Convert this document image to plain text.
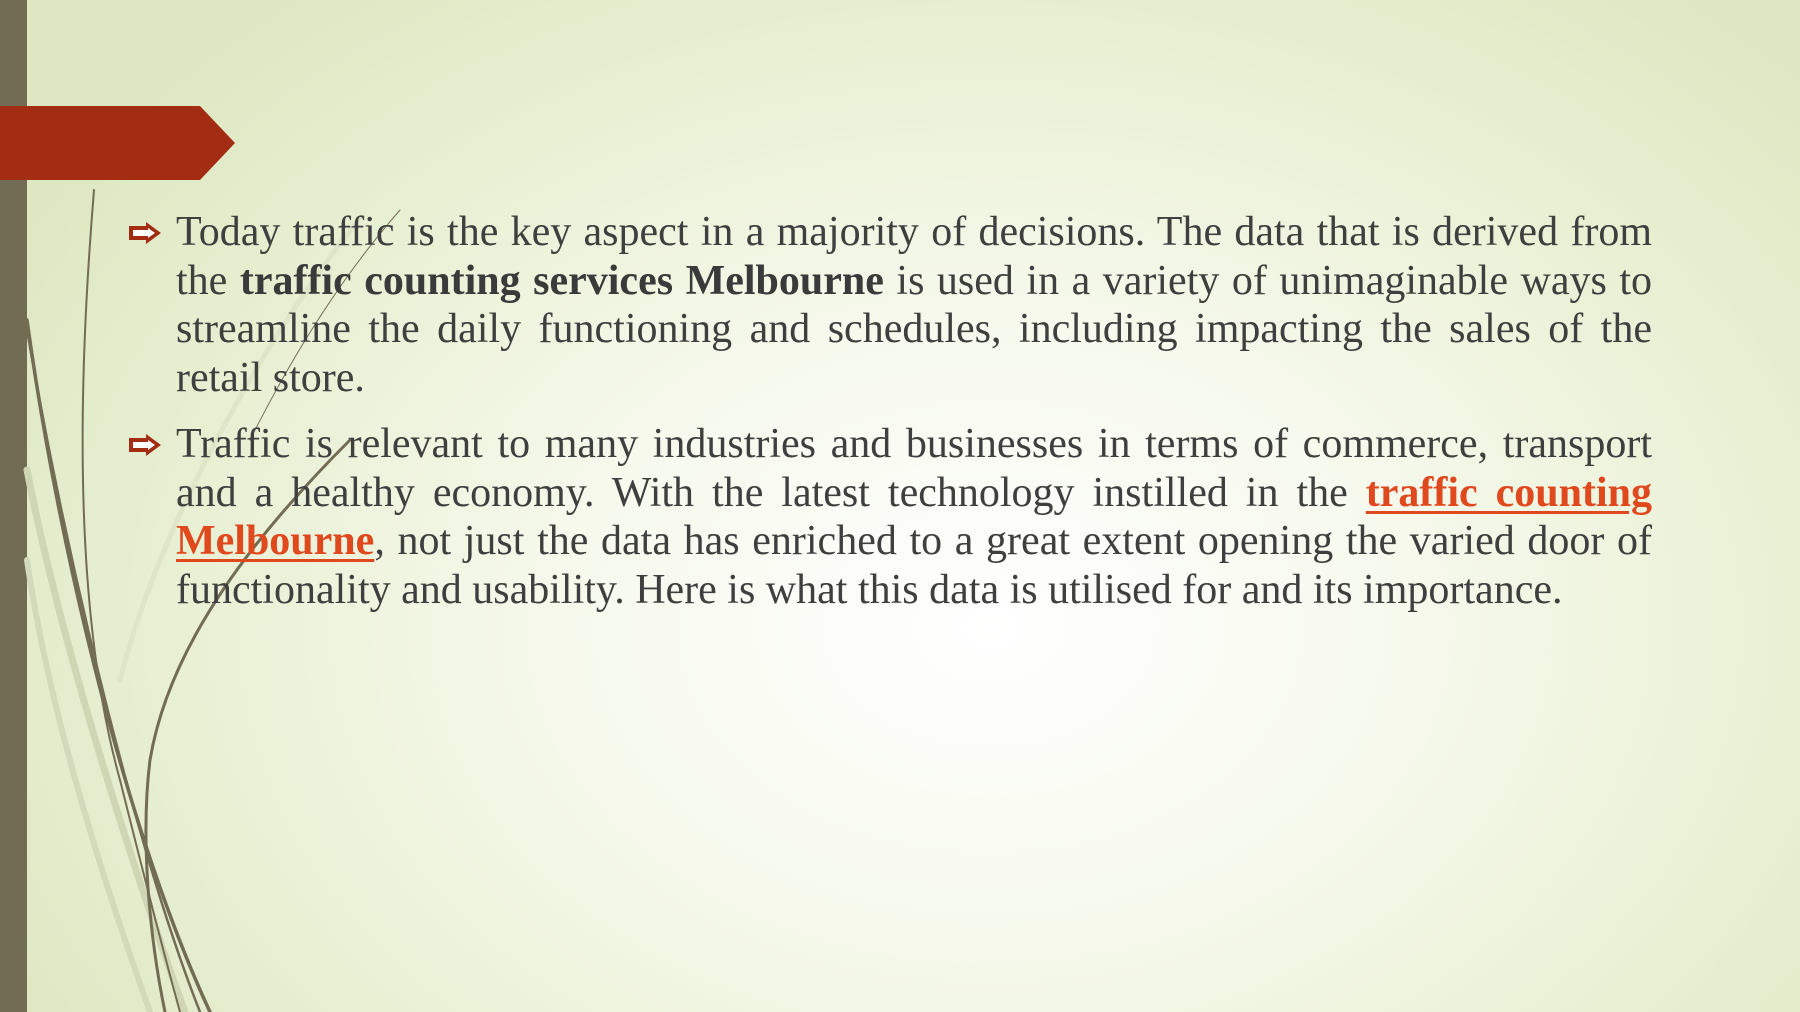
Today traffic is the key aspect in a majority of decisions. The data that is derived from the traffic counting services Melbourne is used in a variety of unimaginable ways to streamline the daily functioning and schedules, including impacting the sales of the retail store.

Traffic is relevant to many industries and businesses in terms of commerce, transport and a healthy economy. With the latest technology instilled in the traffic counting Melbourne, not just the data has enriched to a great extent opening the varied door of functionality and usability. Here is what this data is utilised for and its importance.
